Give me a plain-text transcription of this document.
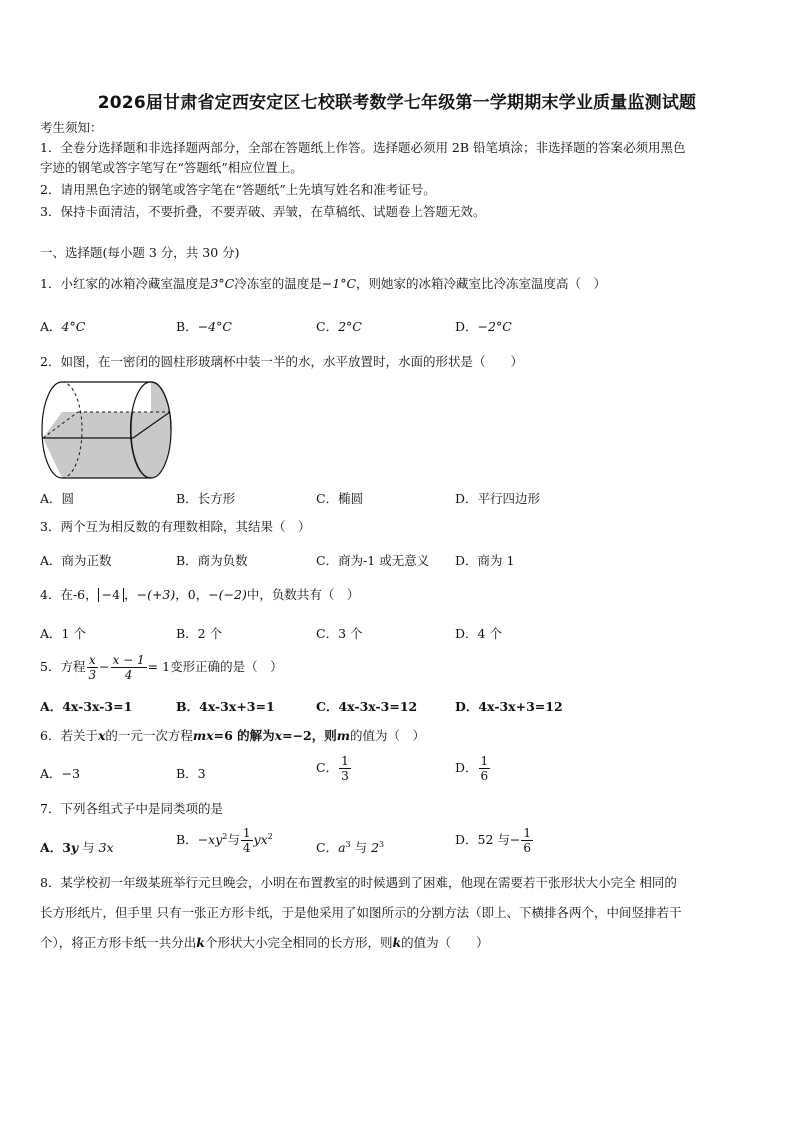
2026届甘肃省定西安定区七校联考数学七年级第一学期期末学业质量监测试题
考生须知：
1．全卷分选择题和非选择题两部分，全部在答题纸上作答。选择题必须用 2B 铅笔填涂；非选择题的答案必须用黑色
字迹的钢笔或答字笔写在“答题纸”相应位置上。
2．请用黑色字迹的钢笔或答字笔在“答题纸”上先填写姓名和准考证号。
3．保持卡面清洁，不要折叠，不要弄破、弄皱，在草稿纸、试题卷上答题无效。
一、选择题(每小题 3 分，共 30 分)
1．小红家的冰箱冷藏室温度是3°C冷冻室的温度是−1°C，则她家的冰箱冷藏室比冷冻室温度高（　）
A．4°C	B．−4°C	C．2°C	D．−2°C
2．如图，在一密闭的圆柱形玻璃杯中装一半的水，水平放置时，水面的形状是（　　）
A．圆	B．长方形	C．椭圆	D．平行四边形
3．两个互为相反数的有理数相除，其结果（　）
A．商为正数	B．商为负数	C．商为-1 或无意义 D．商为 1
4．在-6， −4 ，−(+3)，0，−(−2)中，负数共有（　）
A．1 个	B．2 个	C．3 个	D．4 个
5．方程 $\frac{x}{3} - \frac{x - 1}{4} = 1$变形正确的是（　）
A．4x-3x-3=1	B．4x-3x+3=1	C．4x-3x-3=12	D．4x-3x+3=12
6．若关于x的一元一次方程mx=6 的解为x=−2，则m的值为（　）
A．−3	B．3	C． $\frac{1}{3}$	D． $\frac{1}{6}$
7．下列各组式子中是同类项的是
A．3y 与 3x
B．$-xy^2$与 $\frac{1}{4} yx^2$
C．$a^3$ 与 $2^3$	D．52 与− $\frac{1}{6}$
8．某学校初一年级某班举行元旦晚会，小明在布置教室的时候遇到了困难，他现在需要若干张形状大小完全 相同的
长方形纸片，但手里 只有一张正方形卡纸，于是他采用了如图所示的分割方法（即上、下横排各两个，中间竖排若干
个），将正方形卡纸一共分出k个形状大小完全相同的长方形，则k的值为（　　）
